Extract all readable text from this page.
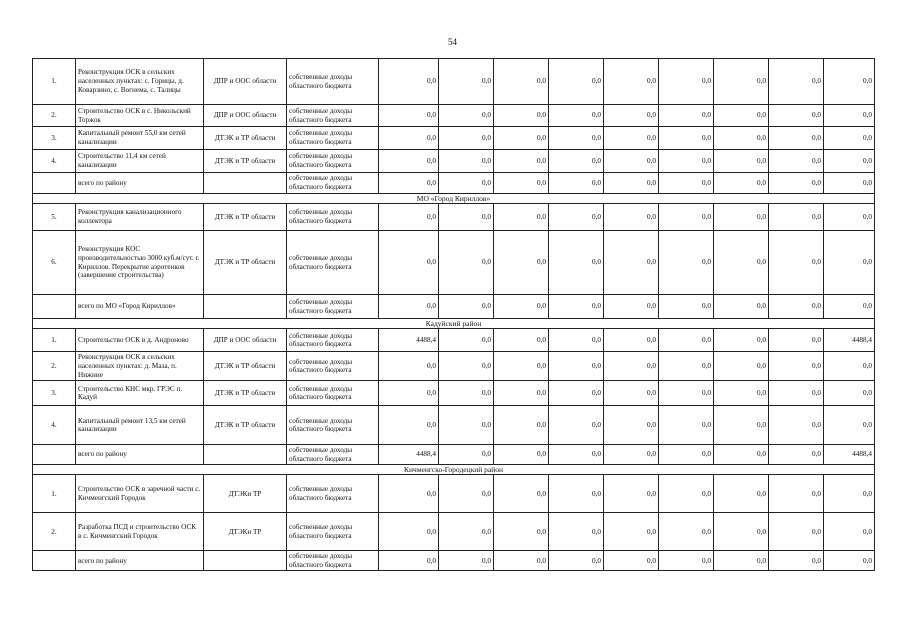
54
1.	Реконструкция ОСК в сельских населенных пунктах: с. Горицы, д. Коварзино, с. Вогнема, с. Талицы	ДПР и ООС области	собственные доходы областного бюджета	0,0	0,0	0,0	0,0	0,0	0,0	0,0	0,0	0,0
2.	Строительство ОСК в с. Никольский Торжок	ДПР и ООС области	собственные доходы областного бюджета	0,0	0,0	0,0	0,0	0,0	0,0	0,0	0,0	0,0
3.	Капитальный ремонт 55,0 км сетей канализации	ДТЭК и ТР области	собственные доходы областного бюджета	0,0	0,0	0,0	0,0	0,0	0,0	0,0	0,0	0,0
4.	Строительство 11,4 км сетей канализации	ДТЭК и ТР области	собственные доходы областного бюджета	0,0	0,0	0,0	0,0	0,0	0,0	0,0	0,0	0,0
	всего по району		собственные доходы областного бюджета	0,0	0,0	0,0	0,0	0,0	0,0	0,0	0,0	0,0
МО «Город Кириллов»												
5.	Реконструкция канализационного коллектора	ДТЭК и ТР области	собственные доходы областного бюджета	0,0	0,0	0,0	0,0	0,0	0,0	0,0	0,0	0,0
6.	Реконструкция КОС производительностью 3000 куб.м/сут. г. Кириллов. Перекрытие аэротенков (завершение строительства)	ДТЭК и ТР области	собственные доходы областного бюджета	0,0	0,0	0,0	0,0	0,0	0,0	0,0	0,0	0,0
	всего по МО «Город Кириллов»		собственные доходы областного бюджета	0,0	0,0	0,0	0,0	0,0	0,0	0,0	0,0	0,0
Кадуйский район												
1.	Строительство ОСК в д. Андроново	ДПР и ООС области	собственные доходы областного бюджета	4488,4	0,0	0,0	0,0	0,0	0,0	0,0	0,0	4488,4
2.	Реконструкция ОСК в сельских населенных пунктах: д. Маза, п. Нижние	ДТЭК и ТР области	собственные доходы областного бюджета	0,0	0,0	0,0	0,0	0,0	0,0	0,0	0,0	0,0
3.	Строительство КНС мкр. ГРЭС п. Кадуй	ДТЭК и ТР области	собственные доходы областного бюджета	0,0	0,0	0,0	0,0	0,0	0,0	0,0	0,0	0,0
4.	Капитальный ремонт 13,5 км сетей канализации	ДТЭК и ТР области	собственные доходы областного бюджета	0,0	0,0	0,0	0,0	0,0	0,0	0,0	0,0	0,0
	всего по району		собственные доходы областного бюджета	4488,4	0,0	0,0	0,0	0,0	0,0	0,0	0,0	4488,4
Кичменгско-Городецкий район												
1.	Строительство ОСК в заречной части с. Кичменгский Городок	ДТЭКи ТР	собственные доходы областного бюджета	0,0	0,0	0,0	0,0	0,0	0,0	0,0	0,0	0,0
2.	Разработка ПСД и строительство ОСК в с. Кичменгский Городок	ДТЭКи ТР	собственные доходы областного бюджета	0,0	0,0	0,0	0,0	0,0	0,0	0,0	0,0	0,0
	всего по району		собственные доходы областного бюджета	0,0	0,0	0,0	0,0	0,0	0,0	0,0	0,0	0,0
